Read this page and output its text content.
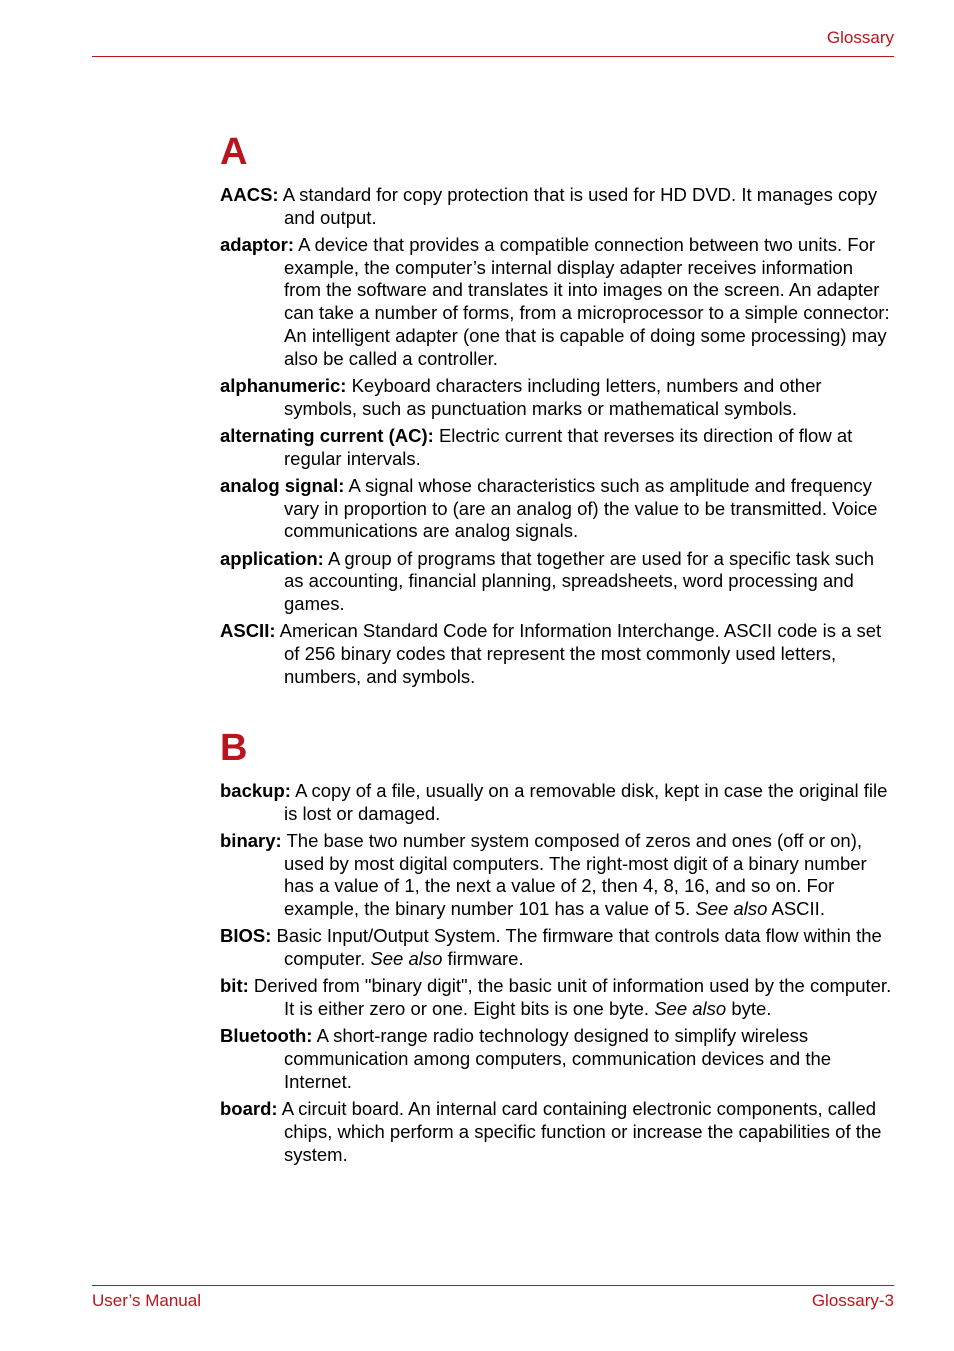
Glossary
A

AACS: A standard for copy protection that is used for HD DVD. It manages copy and output.

adaptor: A device that provides a compatible connection between two units. For example, the computer’s internal display adapter receives information from the software and translates it into images on the screen. An adapter can take a number of forms, from a microprocessor to a simple connector: An intelligent adapter (one that is capable of doing some processing) may also be called a controller.

alphanumeric: Keyboard characters including letters, numbers and other symbols, such as punctuation marks or mathematical symbols.

alternating current (AC): Electric current that reverses its direction of flow at regular intervals.

analog signal: A signal whose characteristics such as amplitude and frequency vary in proportion to (are an analog of) the value to be transmitted. Voice communications are analog signals.

application: A group of programs that together are used for a specific task such as accounting, financial planning, spreadsheets, word processing and games.

ASCII: American Standard Code for Information Interchange. ASCII code is a set of 256 binary codes that represent the most commonly used letters, numbers, and symbols.

B

backup: A copy of a file, usually on a removable disk, kept in case the original file is lost or damaged.

binary: The base two number system composed of zeros and ones (off or on), used by most digital computers. The right-most digit of a binary number has a value of 1, the next a value of 2, then 4, 8, 16, and so on. For example, the binary number 101 has a value of 5. See also ASCII.

BIOS: Basic Input/Output System. The firmware that controls data flow within the computer. See also firmware.

bit: Derived from "binary digit", the basic unit of information used by the computer. It is either zero or one. Eight bits is one byte. See also byte.

Bluetooth: A short-range radio technology designed to simplify wireless communication among computers, communication devices and the Internet.

board: A circuit board. An internal card containing electronic components, called chips, which perform a specific function or increase the capabilities of the system.

User’s Manual	Glossary-3
